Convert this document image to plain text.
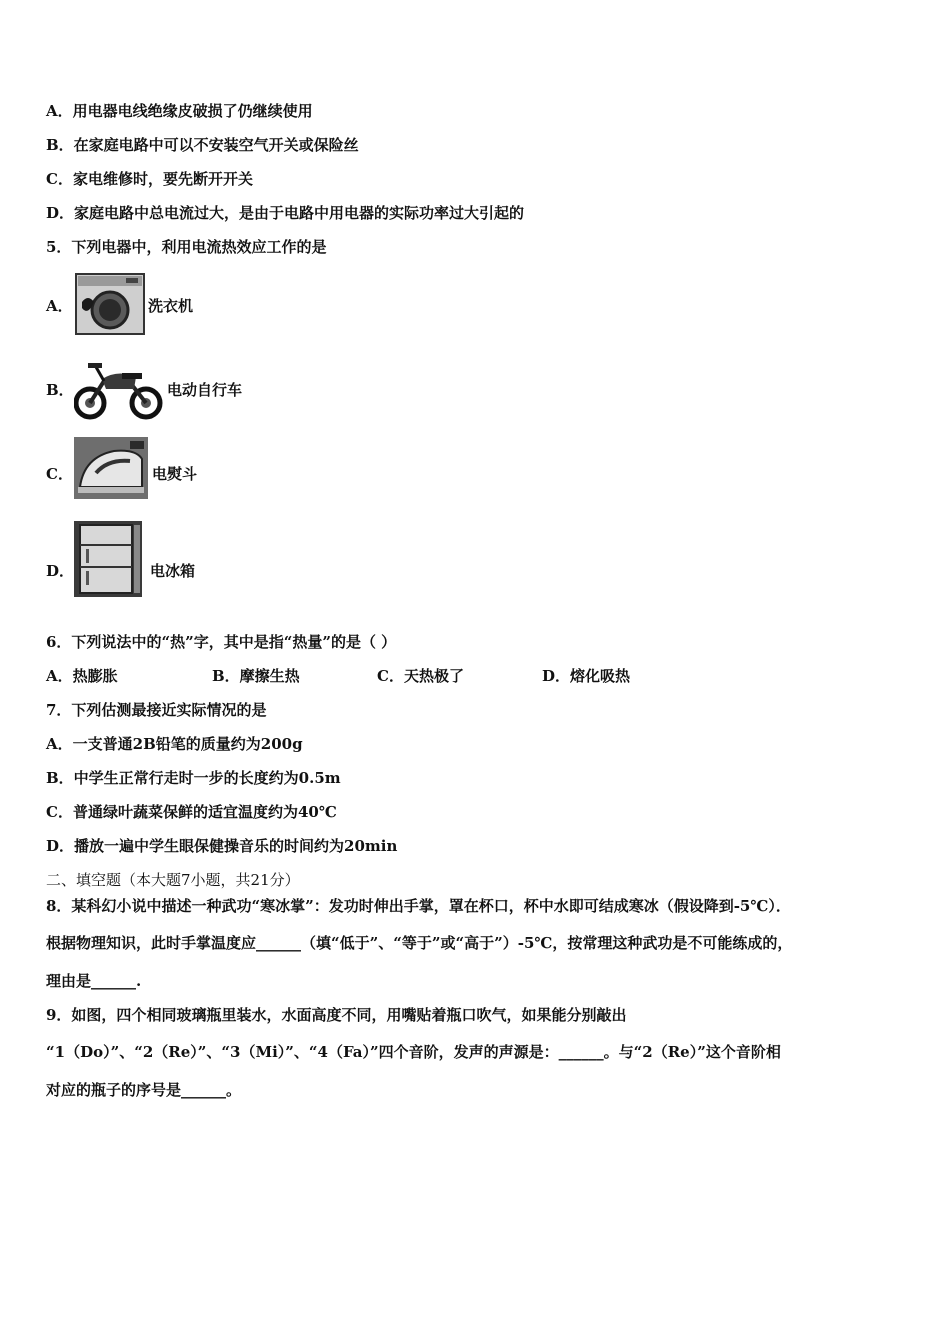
A．用电器电线绝缘皮破损了仍继续使用
B．在家庭电路中可以不安装空气开关或保险丝
C．家电维修时，要先断开开关
D．家庭电路中总电流过大，是由于电路中用电器的实际功率过大引起的
5．下列电器中，利用电流热效应工作的是
A．	洗衣机
B．	电动自行车
C．	电熨斗
D．	电冰箱
6．下列说法中的“热”字，其中是指“热量”的是（ ）
A．热膨胀	B．摩擦生热	C．天热极了	D．熔化吸热
7．下列估测最接近实际情况的是
A．一支普通2B铅笔的质量约为200g
B．中学生正常行走时一步的长度约为0.5m
C．普通绿叶蔬菜保鲜的适宜温度约为40℃
D．播放一遍中学生眼保健操音乐的时间约为20min
二、填空题（本大题7小题，共21分）
8．某科幻小说中描述一种武功“寒冰掌”：发功时伸出手掌，罩在杯口，杯中水即可结成寒冰（假设降到-5℃）．
根据物理知识，此时手掌温度应______（填“低于”、“等于”或“高于”）-5℃，按常理这种武功是不可能练成的，
理由是______.
9．如图，四个相同玻璃瓶里装水，水面高度不同，用嘴贴着瓶口吹气，如果能分别敲出
“1（Do）”、“2（Re）”、“3（Mi）”、“4（Fa）”四个音阶，发声的声源是：______。与“2（Re）”这个音阶相
对应的瓶子的序号是______。
